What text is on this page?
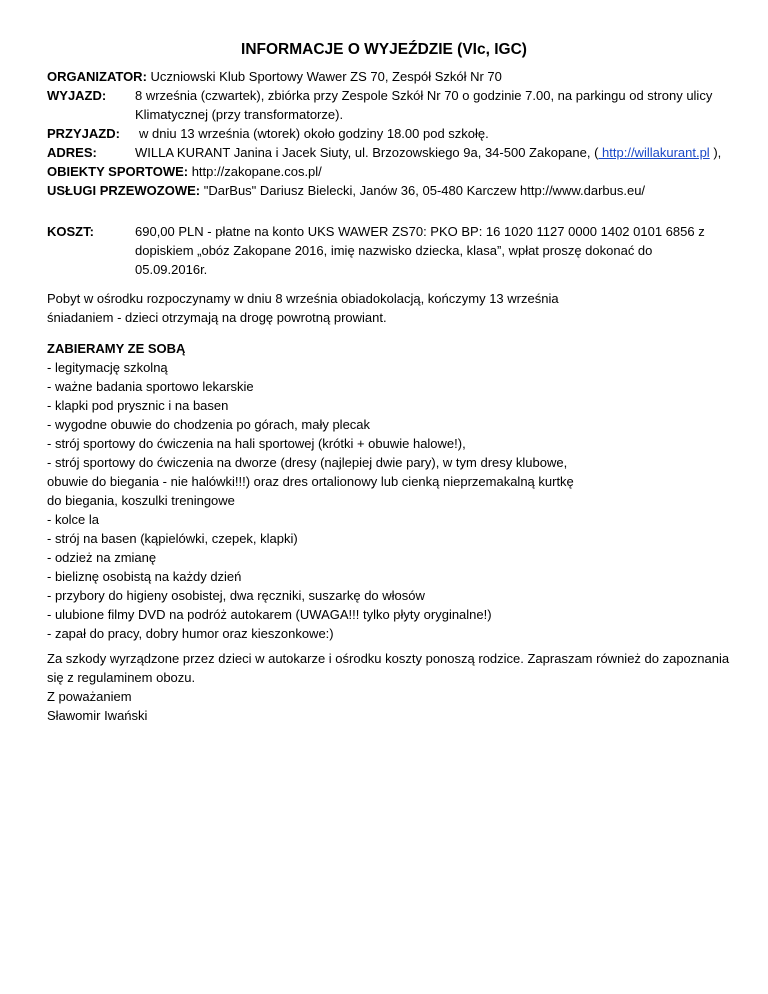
INFORMACJE O WYJEŹDZIE (VIc, IGC)
ORGANIZATOR: Uczniowski Klub Sportowy Wawer ZS 70, Zespół Szkół Nr 70
WYJAZD: 8 września (czwartek), zbiórka przy Zespole Szkół Nr 70 o godzinie 7.00, na parkingu od strony ulicy
Klimatycznej (przy transformatorze).
PRZYJAZD: w dniu 13 września (wtorek) około godziny 18.00 pod szkołę.
ADRES:	WILLA KURANT Janina i Jacek Siuty, ul. Brzozowskiego 9a, 34-500 Zakopane, ( http://willakurant.pl ),
OBIEKTY SPORTOWE: http://zakopane.cos.pl/
USŁUGI PRZEWOZOWE: "DarBus" Dariusz Bielecki, Janów 36, 05-480 Karczew http://www.darbus.eu/
KOSZT:	690,00 PLN - płatne na konto UKS WAWER ZS70: PKO BP: 16 1020 1127 0000 1402 0101 6856 z
dopiskiem „obóz Zakopane 2016, imię nazwisko dziecka, klasa”, wpłat proszę dokonać do
05.09.2016r.
Pobyt w ośrodku rozpoczynamy w dniu 8 września obiadokolacją, kończymy 13 września
śniadaniem - dzieci otrzymają na drogę powrotną prowiant.
ZABIERAMY ZE SOBĄ
- legitymację szkolną
- ważne badania sportowo lekarskie
- klapki pod prysznic i na basen
- wygodne obuwie do chodzenia po górach, mały plecak
- strój sportowy do ćwiczenia na hali sportowej (krótki + obuwie halowe!),
- strój sportowy do ćwiczenia na dworze (dresy (najlepiej dwie pary), w tym dresy klubowe,
obuwie do biegania - nie halówki!!!) oraz dres ortalionowy lub cienką nieprzemakalną kurtkę
do biegania, koszulki treningowe
- kolce la
- strój na basen (kąpielówki, czepek, klapki)
- odzież na zmianę
- bieliznę osobistą na każdy dzień
- przybory do higieny osobistej, dwa ręczniki, suszarkę do włosów
- ulubione filmy DVD na podróż autokarem (UWAGA!!! tylko płyty oryginalne!)
- zapał do pracy, dobry humor oraz kieszonkowe:)
Za szkody wyrządzone przez dzieci w autokarze i ośrodku koszty ponoszą rodzice. Zapraszam również do zapoznania
się z regulaminem obozu.
Z poważaniem
Sławomir Iwański
